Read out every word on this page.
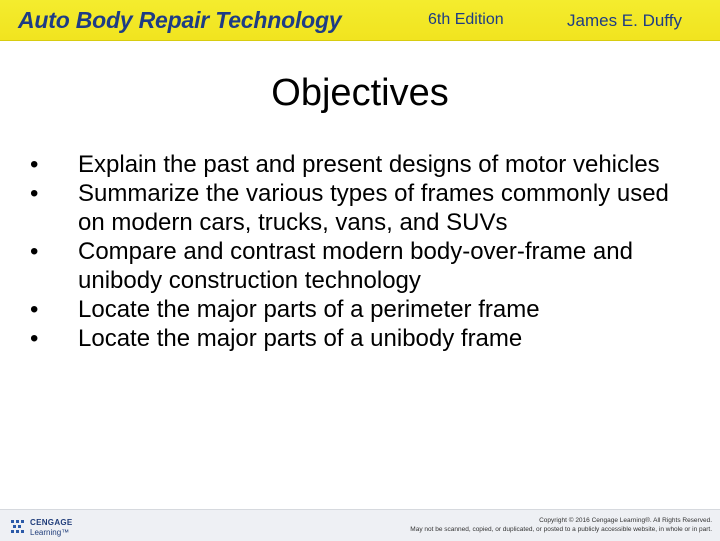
Auto Body Repair Technology	6th Edition	James E. Duffy
Objectives
• Explain the past and present designs of motor vehicles
• Summarize the various types of frames commonly used on modern cars, trucks, vans, and SUVs
• Compare and contrast modern body-over-frame and unibody construction technology
• Locate the major parts of a perimeter frame
• Locate the major parts of a unibody frame
CENGAGE
Learning™
Copyright © 2016 Cengage Learning®. All Rights Reserved.
May not be scanned, copied, or duplicated, or posted to a publicly accessible website, in whole or in part.
